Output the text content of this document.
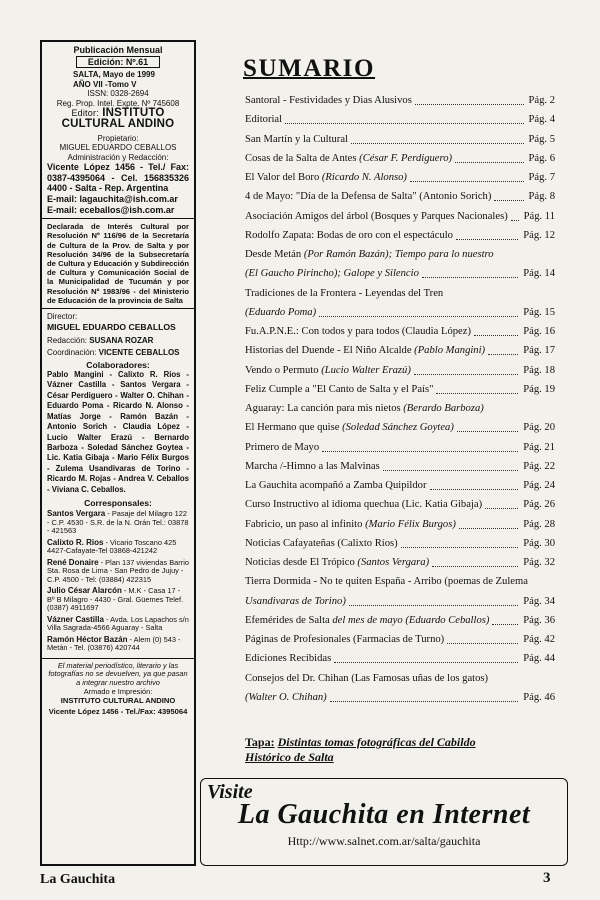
Publicación Mensual
Edición: Nº.61
SALTA, Mayo de 1999
AÑO VII -Tomo V
ISSN: 0328-2694
Reg. Prop. Intel. Expte. Nº 745608
Editor: INSTITUTO
CULTURAL ANDINO
Propietario:
MIGUEL EDUARDO CEBALLOS
Administración y Redacción:
Vicente López 1456 - Tel./ Fax: 0387-4395064 - Cel. 156835326 4400 - Salta - Rep. Argentina
E-mail: lagauchita@ish.com.ar
E-mail: eceballos@ish.com.ar
Declarada de Interés Cultural por Resolución Nº 116/96 de la Secretaría de Cultura de la Prov. de Salta y por Resolución 34/96 de la Subsecretaría de Cultura y Educación y Subdirección de Cultura y Comunicación Social de la Municipalidad de Tucumán y por Resolución Nº 1983/96 - del Ministerio de Educación de la provincia de Salta
Director:
MIGUEL EDUARDO CEBALLOS
Redacción: SUSANA ROZAR
Coordinación: VICENTE CEBALLOS
Colaboradores:
Pablo Mangini - Calixto R. Rios - Vázner Castilla - Santos Vergara - César Perdiguero - Walter O. Chihan - Eduardo Poma - Ricardo N. Alonso - Matías Jorge - Ramón Bazán - Antonio Sorich - Claudia López - Lucio Walter Erazú - Bernardo Barboza - Soledad Sánchez Goytea - Lic. Katia Gibaja - Mario Félix Burgos - Zulema Usandivaras de Torino - Ricardo M. Rojas - Andrea V. Ceballos - Viviana C. Ceballos.
Corresponsales:
Santos Vergara - Pasaje del Milagro 122 - C.P. 4530 - S.R. de la N. Orán Tel.: 03878 - 421563
Calixto R. Rios - Vicario Toscano 425 4427-Cafayate-Tel 03868-421242
René Donaire - Plan 137 viviendas Barrio Sta. Rosa de Lima - San Pedro de Jujuy - C.P. 4500 - Tel: (03884) 422315
Julio César Alarcón - M.K - Casa 17 - Bº B Milagro - 4430 - Gral. Güemes Telef. (0387) 4911697
Vázner Castilla - Avda. Los Lapachos s/n Villa Sagrada-4566 Aguaray - Salta
Ramón Héctor Bazán - Alem (0) 543 - Metán - Tel. (03876) 420744
El material periodístico, literario y las fotografías no se devuelven, ya que pasan a integrar nuestro archivo
Armado e Impresión:
INSTITUTO CULTURAL ANDINO
Vicente López 1456 - Tel./Fax: 4395064
SUMARIO
Santoral - Festividades y Dias Alusivos	Pág. 2
Editorial	Pág. 4
San Martín y la Cultural	Pág. 5
Cosas de la Salta de Antes (César F. Perdiguero)	Pág. 6
El Valor del Boro (Ricardo N. Alonso)	Pág. 7
4 de Mayo: "Día de la Defensa de Salta" (Antonio Sorich)	Pág. 8
Asociación Amigos del árbol (Bosques y Parques Nacionales) Pág. 11
Rodolfo Zapata: Bodas de oro con el espectáculo	Pág. 12
Desde Metán (Por Ramón Bazán); Tiempo para lo nuestro
(El Gaucho Pirincho); Galope y Silencio	Pág. 14
Tradiciones de la Frontera - Leyendas del Tren
(Eduardo Poma)	Pág. 15
Fu.A.P.N.E.: Con todos y para todos (Claudia López)	Pág. 16
Historias del Duende - El Niño Alcalde (Pablo Mangini)	Pág. 17
Vendo o Permuto (Lucio Walter Erazú)	Pág. 18
Feliz Cumple a "El Canto de Salta y el País"	Pág. 19
Aguaray: La canción para mis nietos (Berardo Barboza)
El Hermano que quise (Soledad Sánchez Goytea)	Pág. 20
Primero de Mayo	Pág. 21
Marcha /-Himno a las Malvinas	Pág. 22
La Gauchita acompañó a Zamba Quipildor	Pág. 24
Curso Instructivo al idioma quechua (Lic. Katia Gibaja)	Pág. 26
Fabricio, un paso al infinito (Mario Félix Burgos)	Pág. 28
Noticias Cafayateñas (Calixto Ríos)	Pág. 30
Noticias desde El Trópico (Santos Vergara)	Pág. 32
Tierra Dormida - No te quiten España - Arribo (poemas de Zulema
Usandivaras de Torino)	Pág. 34
Efemérides de Salta del mes de mayo (Eduardo Ceballos)	Pág. 36
Páginas de Profesionales (Farmacias de Turno)	Pág. 42
Ediciones Recibidas	Pág. 44
Consejos del Dr. Chihan (Las Famosas uñas de los gatos)
(Walter O. Chihan)	Pág. 46
Tapa: Distintas tomas fotográficas del Cabildo
Histórico de Salta
Visite
La Gauchita en Internet
Http://www.salnet.com.ar/salta/gauchita
La Gauchita	3
